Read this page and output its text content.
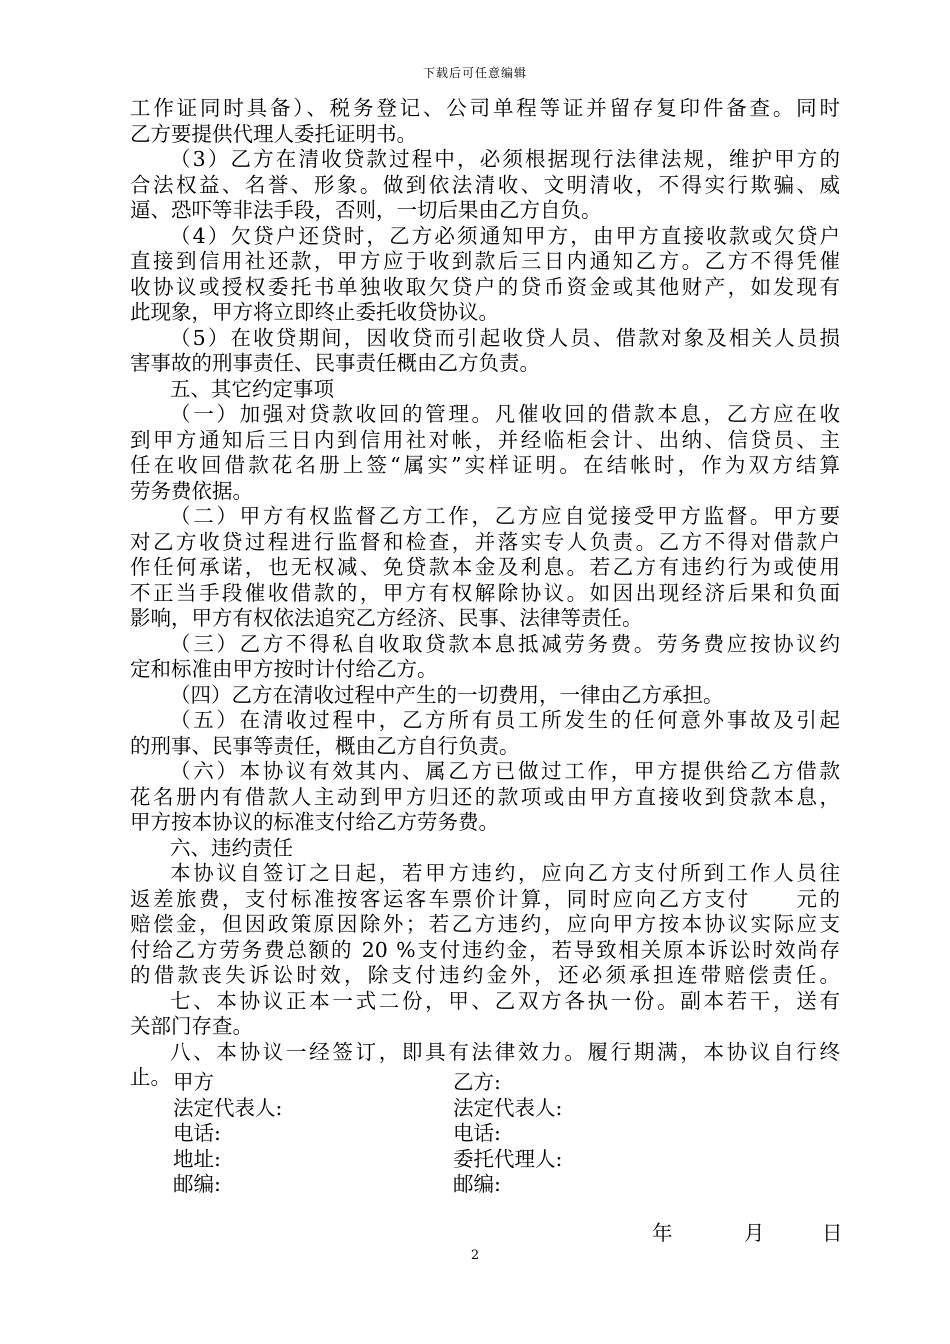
下载后可任意编辑
工作证同时具备）、税务登记、公司单程等证并留存复印件备查。同时
乙方要提供代理人委托证明书。
（3）乙方在清收贷款过程中，必须根据现行法律法规，维护甲方的
合法权益、名誉、形象。做到依法清收、文明清收，不得实行欺骗、威
逼、恐吓等非法手段，否则，一切后果由乙方自负。
（4）欠贷户还贷时，乙方必须通知甲方，由甲方直接收款或欠贷户
直接到信用社还款，甲方应于收到款后三日内通知乙方。乙方不得凭催
收协议或授权委托书单独收取欠贷户的贷币资金或其他财产，如发现有
此现象，甲方将立即终止委托收贷协议。
（5）在收贷期间，因收贷而引起收贷人员、借款对象及相关人员损
害事故的刑事责任、民事责任概由乙方负责。
五、其它约定事项
（一）加强对贷款收回的管理。凡催收回的借款本息，乙方应在收
到甲方通知后三日内到信用社对帐，并经临柜会计、出纳、信贷员、主
任在收回借款花名册上签“属实”实样证明。在结帐时，作为双方结算
劳务费依据。
（二）甲方有权监督乙方工作，乙方应自觉接受甲方监督。甲方要
对乙方收贷过程进行监督和检查，并落实专人负责。乙方不得对借款户
作任何承诺，也无权减、免贷款本金及利息。若乙方有违约行为或使用
不正当手段催收借款的，甲方有权解除协议。如因出现经济后果和负面
影响，甲方有权依法追究乙方经济、民事、法律等责任。
（三）乙方不得私自收取贷款本息抵减劳务费。劳务费应按协议约
定和标准由甲方按时计付给乙方。
（四）乙方在清收过程中产生的一切费用，一律由乙方承担。
（五）在清收过程中，乙方所有员工所发生的任何意外事故及引起
的刑事、民事等责任，概由乙方自行负责。
（六）本协议有效其内、属乙方已做过工作，甲方提供给乙方借款
花名册内有借款人主动到甲方归还的款项或由甲方直接收到贷款本息，
甲方按本协议的标准支付给乙方劳务费。
六、违约责任
本协议自签订之日起，若甲方违约，应向乙方支付所到工作人员往
返差旅费，支付标准按客运客车票价计算，同时应向乙方支付　　元的
赔偿金，但因政策原因除外；若乙方违约，应向甲方按本协议实际应支
付给乙方劳务费总额的 20 %支付违约金，若导致相关原本诉讼时效尚存
的借款丧失诉讼时效，除支付违约金外，还必须承担连带赔偿责任。
七、本协议正本一式二份，甲、乙双方各执一份。副本若干，送有
关部门存查。
八、本协议一经签订，即具有法律效力。履行期满，本协议自行终
止。 甲方	乙方:
法定代表人:	法定代表人:
电话:	电话:
地址:	委托代理人:
邮编:	邮编:
年	月	日
2
